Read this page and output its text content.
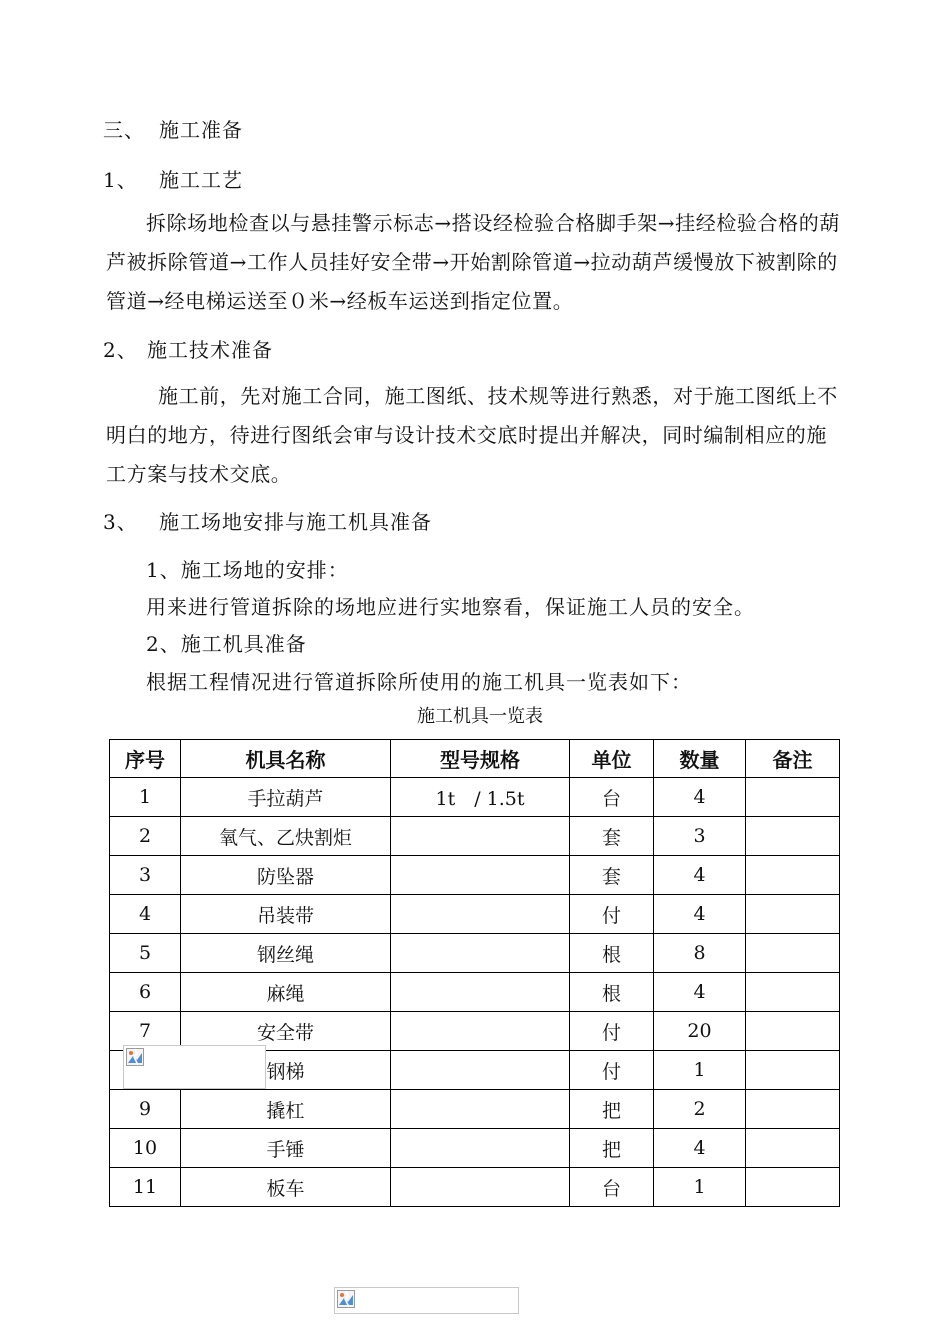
三、 施工准备
1、 施工工艺
拆除场地检查以与悬挂警示标志→搭设经检验合格脚手架→挂经检验合格的葫芦被拆除管道→工作人员挂好安全带→开始割除管道→拉动葫芦缓慢放下被割除的管道→经电梯运送至０米→经板车运送到指定位置。
2、 施工技术准备
施工前，先对施工合同，施工图纸、技术规等进行熟悉，对于施工图纸上不明白的地方，待进行图纸会审与设计技术交底时提出并解决，同时编制相应的施工方案与技术交底。
3、 施工场地安排与施工机具准备
1、施工场地的安排：
用来进行管道拆除的场地应进行实地察看，保证施工人员的安全。
2、施工机具准备
根据工程情况进行管道拆除所使用的施工机具一览表如下：
施工机具一览表
序号	机具名称	型号规格	单位	数量	备注
1	手拉葫芦	1t　/ 1.5t	台	4	
2	氧气、乙炔割炬		套	3	
3	防坠器		套	4	
4	吊装带		付	4	
5	钢丝绳		根	8	
6	麻绳		根	4	
7	安全带		付	20	
	钢梯		付	1	
9	撬杠		把	2	
10	手锤		把	4	
11	板车		台	1	
